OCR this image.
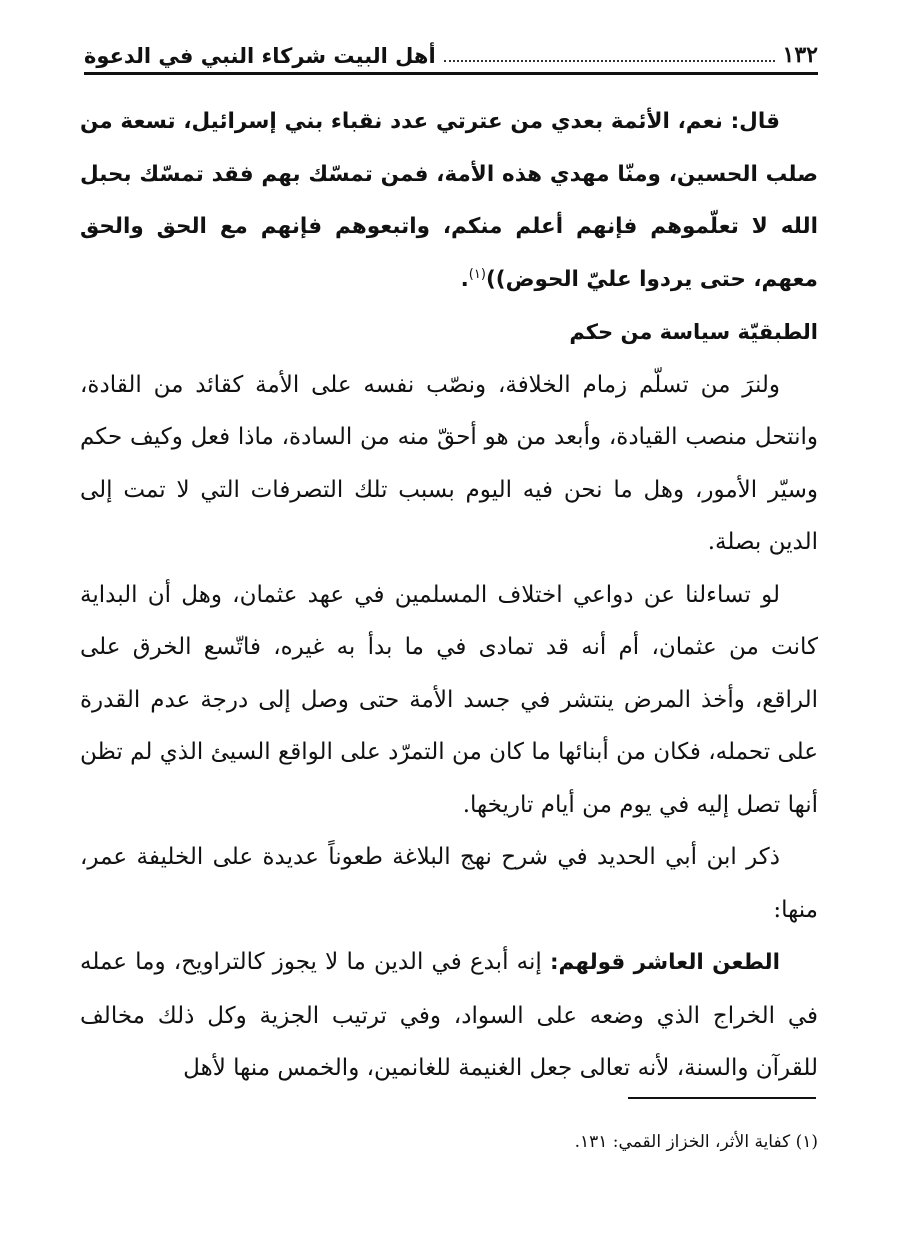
١٣٢
أهل البيت شركاء النبي في الدعوة

قال: نعم، الأئمة بعدي من عترتي عدد نقباء بني إسرائيل، تسعة من صلب الحسين، ومنّا مهدي هذه الأمة، فمن تمسّك بهم فقد تمسّك بحبل الله لا تعلّموهم فإنهم أعلم منكم، واتبعوهم فإنهم مع الحق والحق معهم، حتى يردوا عليّ الحوض))$^{(١)}$.

الطبقيّة سياسة من حكم

ولنرَ من تسلّم زمام الخلافة، ونصّب نفسه على الأمة كقائد من القادة، وانتحل منصب القيادة، وأبعد من هو أحقّ منه من السادة، ماذا فعل وكيف حكم وسيّر الأمور، وهل ما نحن فيه اليوم بسبب تلك التصرفات التي لا تمت إلى الدين بصلة.

لو تساءلنا عن دواعي اختلاف المسلمين في عهد عثمان، وهل أن البداية كانت من عثمان، أم أنه قد تمادى في ما بدأ به غيره، فاتّسع الخرق على الراقع، وأخذ المرض ينتشر في جسد الأمة حتى وصل إلى درجة عدم القدرة على تحمله، فكان من أبنائها ما كان من التمرّد على الواقع السيئ الذي لم تظن أنها تصل إليه في يوم من أيام تاريخها.

ذكر ابن أبي الحديد في شرح نهج البلاغة طعوناً عديدة على الخليفة عمر، منها:

الطعن العاشر قولهم: إنه أبدع في الدين ما لا يجوز كالتراويح، وما عمله في الخراج الذي وضعه على السواد، وفي ترتيب الجزية وكل ذلك مخالف للقرآن والسنة، لأنه تعالى جعل الغنيمة للغانمين، والخمس منها لأهل

(١) كفاية الأثر، الخزاز القمي: ١٣١.
